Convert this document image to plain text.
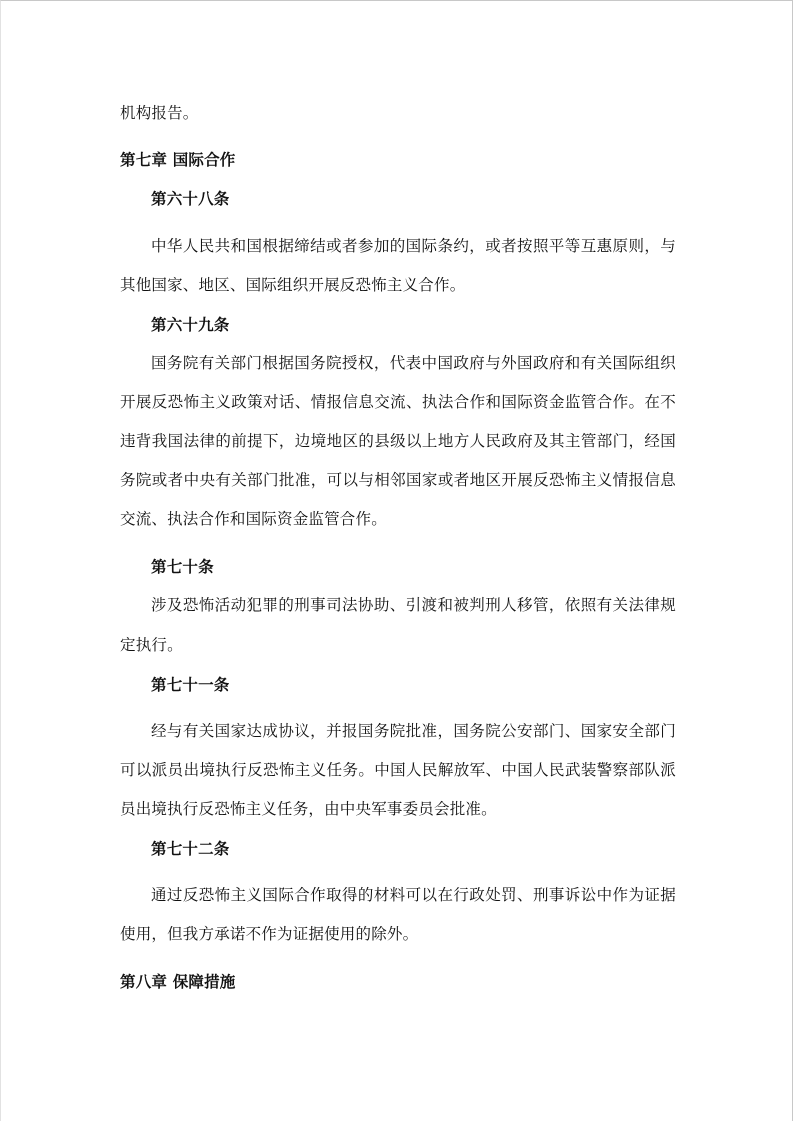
机构报告。

第七章 国际合作

第六十八条

中华人民共和国根据缔结或者参加的国际条约，或者按照平等互惠原则，与

其他国家、地区、国际组织开展反恐怖主义合作。

第六十九条

国务院有关部门根据国务院授权，代表中国政府与外国政府和有关国际组织

开展反恐怖主义政策对话、情报信息交流、执法合作和国际资金监管合作。在不

违背我国法律的前提下，边境地区的县级以上地方人民政府及其主管部门，经国

务院或者中央有关部门批准，可以与相邻国家或者地区开展反恐怖主义情报信息

交流、执法合作和国际资金监管合作。

第七十条

涉及恐怖活动犯罪的刑事司法协助、引渡和被判刑人移管，依照有关法律规

定执行。

第七十一条

经与有关国家达成协议，并报国务院批准，国务院公安部门、国家安全部门

可以派员出境执行反恐怖主义任务。中国人民解放军、中国人民武装警察部队派

员出境执行反恐怖主义任务，由中央军事委员会批准。

第七十二条

通过反恐怖主义国际合作取得的材料可以在行政处罚、刑事诉讼中作为证据

使用，但我方承诺不作为证据使用的除外。

第八章 保障措施
